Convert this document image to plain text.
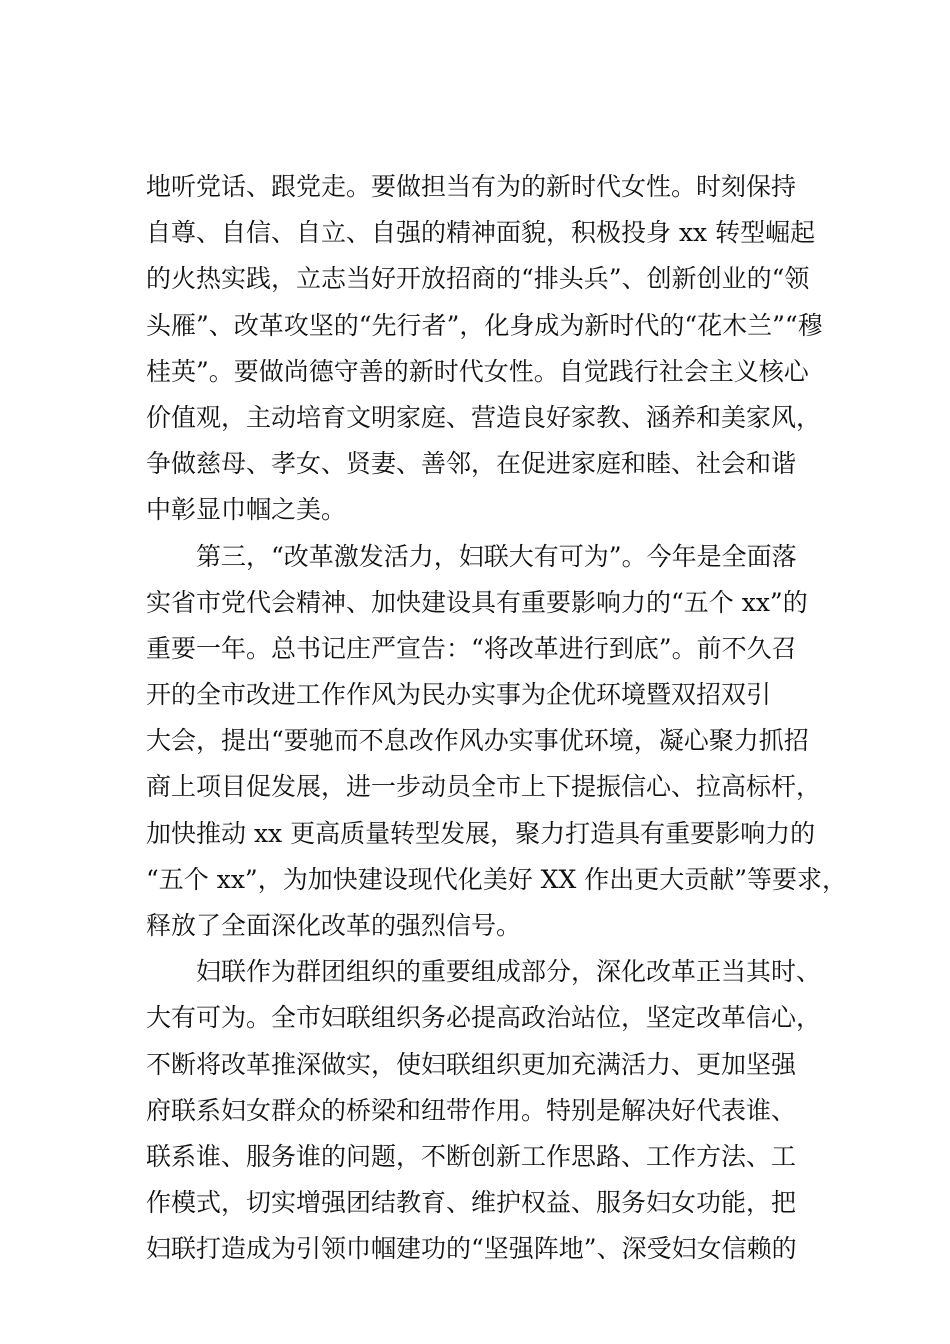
地听党话、跟党走。要做担当有为的新时代女性。时刻保持
自尊、自信、自立、自强的精神面貌，积极投身 xx 转型崛起
的火热实践，立志当好开放招商的“排头兵”、创新创业的“领
头雁”、改革攻坚的“先行者”，化身成为新时代的“花木兰”“穆
桂英”。要做尚德守善的新时代女性。自觉践行社会主义核心
价值观，主动培育文明家庭、营造良好家教、涵养和美家风，
争做慈母、孝女、贤妻、善邻，在促进家庭和睦、社会和谐
中彰显巾帼之美。
第三，“改革激发活力，妇联大有可为”。今年是全面落
实省市党代会精神、加快建设具有重要影响力的“五个 xx”的
重要一年。总书记庄严宣告：“将改革进行到底”。前不久召
开的全市改进工作作风为民办实事为企优环境暨双招双引
大会，提出“要驰而不息改作风办实事优环境，凝心聚力抓招
商上项目促发展，进一步动员全市上下提振信心、拉高标杆，
加快推动 xx 更高质量转型发展，聚力打造具有重要影响力的
“五个 xx”，为加快建设现代化美好 XX 作出更大贡献”等要求，
释放了全面深化改革的强烈信号。
妇联作为群团组织的重要组成部分，深化改革正当其时、
大有可为。全市妇联组织务必提高政治站位，坚定改革信心，
不断将改革推深做实，使妇联组织更加充满活力、更加坚强
府联系妇女群众的桥梁和纽带作用。特别是解决好代表谁、
联系谁、服务谁的问题，不断创新工作思路、工作方法、工
作模式，切实增强团结教育、维护权益、服务妇女功能，把
妇联打造成为引领巾帼建功的“坚强阵地”、深受妇女信赖的
